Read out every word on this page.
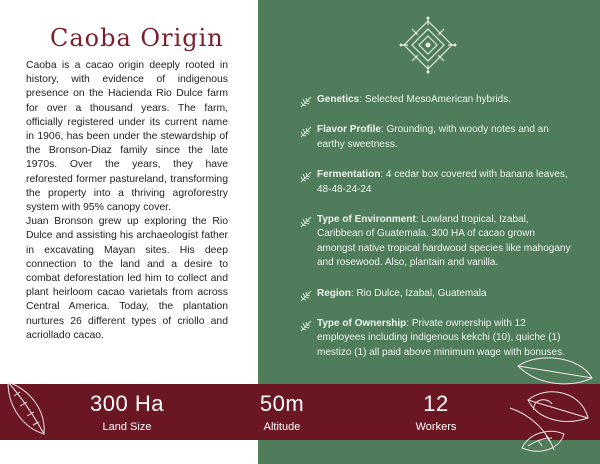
Caoba Origin

Caoba is a cacao origin deeply rooted in history, with evidence of indigenous presence on the Hacienda Rio Dulce farm for over a thousand years. The farm, officially registered under its current name in 1906, has been under the stewardship of the Bronson-Diaz family since the late 1970s. Over the years, they have reforested former pastureland, transforming the property into a thriving agroforestry system with 95% canopy cover.

Juan Bronson grew up exploring the Rio Dulce and assisting his archaeologist father in excavating Mayan sites. His deep connection to the land and a desire to combat deforestation led him to collect and plant heirloom cacao varietals from across Central America. Today, the plantation nurtures 26 different types of criollo and acriollado cacao.

Genetics: Selected MesoAmerican hybrids.
Flavor Profile: Grounding, with woody notes and an earthy sweetness.
Fermentation: 4 cedar box covered with banana leaves, 48-48-24-24
Type of Environment: Lowland tropical, Izabal, Caribbean of Guatemala. 300 HA of cacao grown amongst native tropical hardwood species like mahogany and rosewood. Also, plantain and vanilla.
Region: Rio Dulce, Izabal, Guatemala
Type of Ownership: Private ownership with 12 employees including indigenous kekchi (10), quiche (1) mestizo (1) all paid above minimum wage with bonuses.
300 Ha
Land Size
50m
Altitude
12
Workers
